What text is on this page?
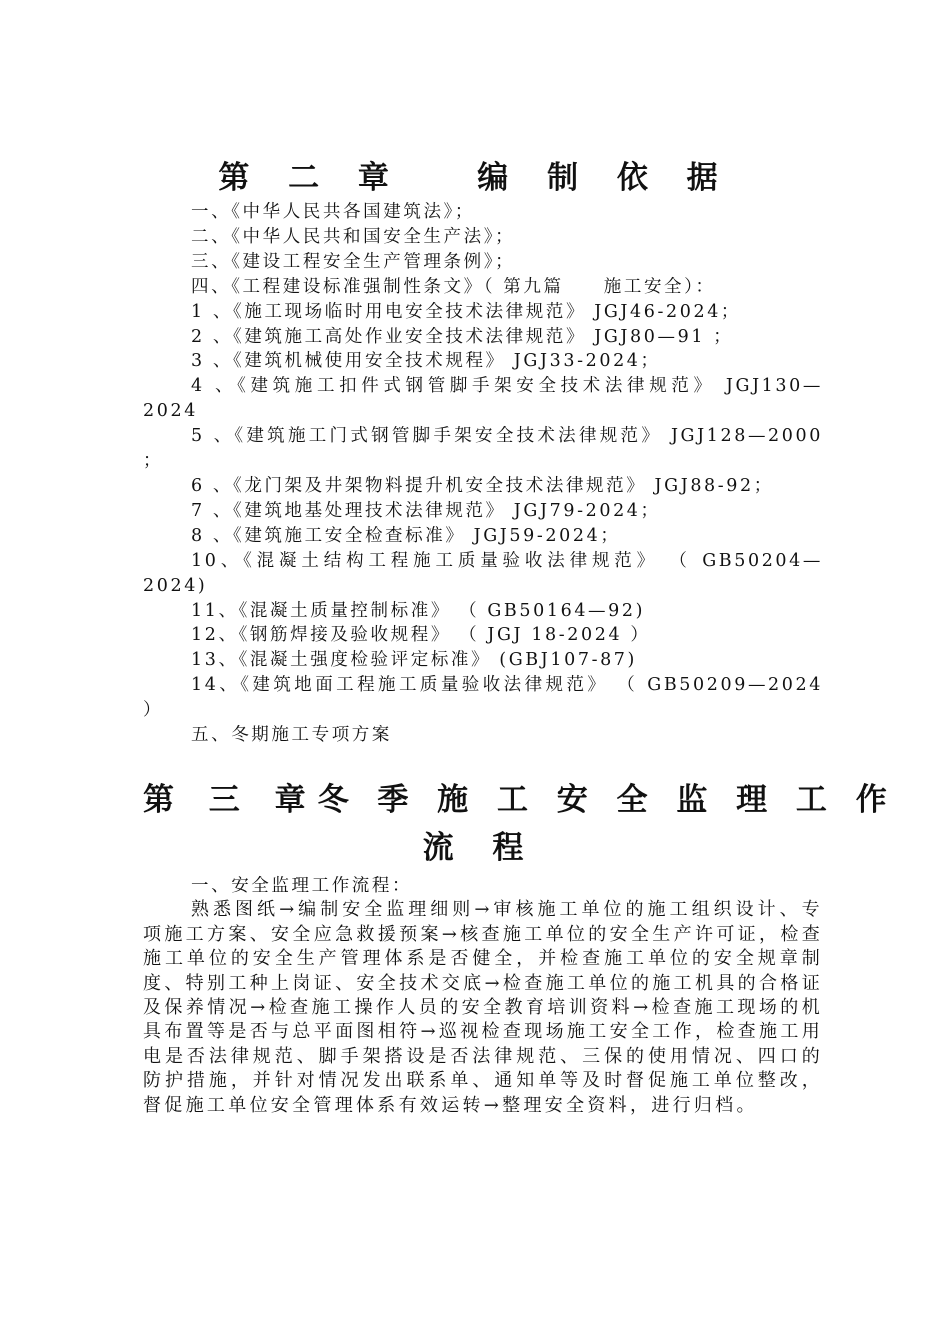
第 二 章   编 制 依 据
一、《中华人民共各国建筑法》；
二、《中华人民共和国安全生产法》；
三、《建设工程安全生产管理条例》；
四、《工程建设标准强制性条文》（ 第九篇　　施工安全）：
1 、《施工现场临时用电安全技术法律规范》 JGJ46-2024；
2 、《建筑施工高处作业安全技术法律规范》 JGJ80—91 ；
3 、《建筑机械使用安全技术规程》 JGJ33-2024；
4 、《建筑施工扣件式钢管脚手架安全技术法律规范》 JGJ130—2024
5 、《建筑施工门式钢管脚手架安全技术法律规范》 JGJ128—2000 ；
6 、《龙门架及井架物料提升机安全技术法律规范》 JGJ88-92；
7 、《建筑地基处理技术法律规范》 JGJ79-2024；
8 、《建筑施工安全检查标准》 JGJ59-2024；
10、《混凝土结构工程施工质量验收法律规范》 （ GB50204—2024)
11、《混凝土质量控制标准》 （ GB50164—92)
12、《钢筋焊接及验收规程》 （ JGJ 18-2024 ）
13、《混凝土强度检验评定标准》 (GBJ107-87)
14、《建筑地面工程施工质量验收法律规范》 （ GB50209—2024 ）
五、冬期施工专项方案
第 三 章 冬 季 施 工 安 全 监 理 工 作
流 程
一、安全监理工作流程：
熟悉图纸→编制安全监理细则→审核施工单位的施工组织设计、专项施工方案、安全应急救援预案→核查施工单位的安全生产许可证，检查施工单位的安全生产管理体系是否健全，并检查施工单位的安全规章制度、特别工种上岗证、安全技术交底→检查施工单位的施工机具的合格证及保养情况→检查施工操作人员的安全教育培训资料→检查施工现场的机具布置等是否与总平面图相符→巡视检查现场施工安全工作，检查施工用电是否法律规范、脚手架搭设是否法律规范、三保的使用情况、四口的防护措施，并针对情况发出联系单、通知单等及时督促施工单位整改，督促施工单位安全管理体系有效运转→整理安全资料，进行归档。
